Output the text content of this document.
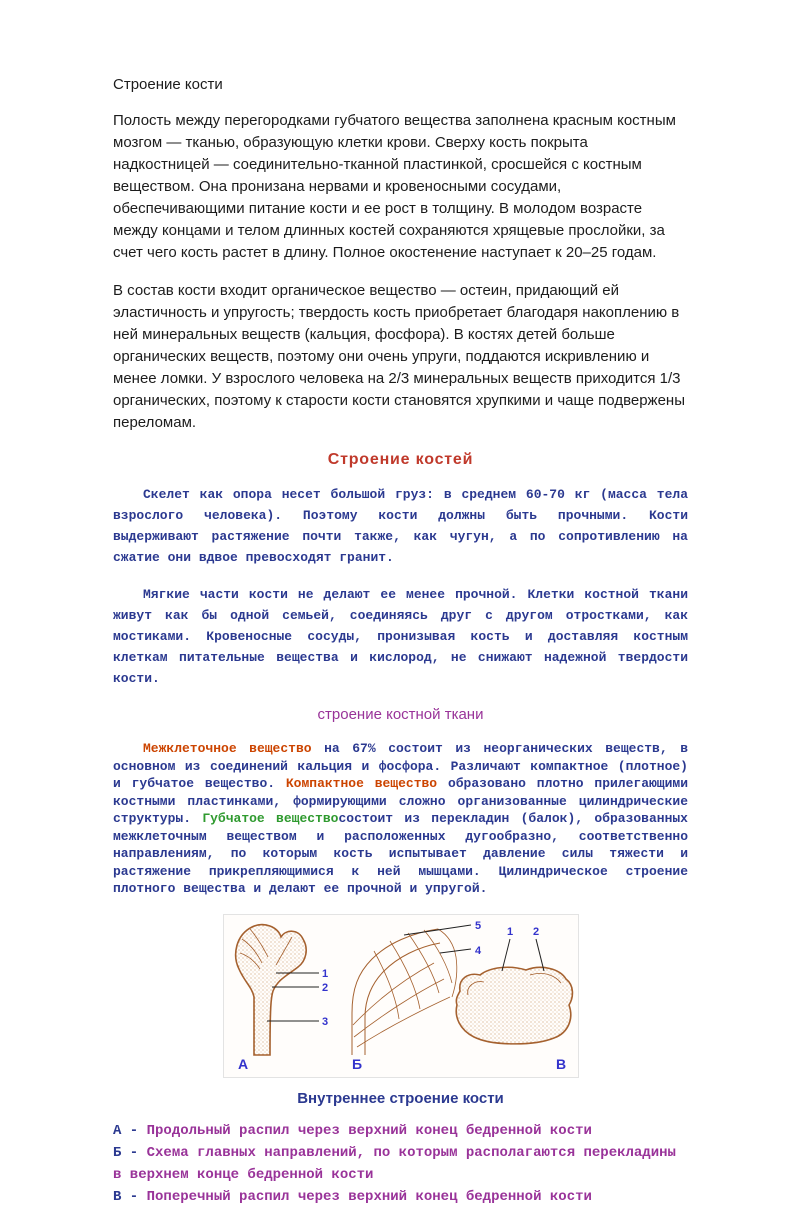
Строение кости

Полость между перегородками губчатого вещества заполнена красным костным мозгом — тканью, образующую клетки крови. Сверху кость покрыта надкостницей — соединительно-тканной пластинкой, сросшейся с костным веществом. Она пронизана нервами и кровеносными сосудами, обеспечивающими питание кости и ее рост в толщину. В молодом возрасте между концами и телом длинных костей сохраняются хрящевые прослойки, за счет чего кость растет в длину. Полное окостенение наступает к 20–25 годам.

В состав кости входит органическое вещество — остеин, придающий ей эластичность и упругость; твердость кость приобретает благодаря накоплению в ней минеральных веществ (кальция, фосфора). В костях детей больше органических веществ, поэтому они очень упруги, поддаются искривлению и менее ломки. У взрослого человека на 2/3 минеральных веществ приходится 1/3 органических, поэтому к старости кости становятся хрупкими и чаще подвержены переломам.

Строение костей

Скелет как опора несет большой груз: в среднем 60-70 кг (масса тела взрослого человека). Поэтому кости должны быть прочными. Кости выдерживают растяжение почти также, как чугун, а по сопротивлению на сжатие они вдвое превосходят гранит.

Мягкие части кости не делают ее менее прочной. Клетки костной ткани живут как бы одной семьей, соединяясь друг с другом отростками, как мостиками. Кровеносные сосуды, пронизывая кость и доставляя костным клеткам питательные вещества и кислород, не снижают надежной твердости кости.

строение костной ткани

Межклеточное вещество на 67% состоит из неорганических веществ, в основном из соединений кальция и фосфора. Различают компактное (плотное) и губчатое вещество. Компактное вещество образовано плотно прилегающими костными пластинками, формирующими сложно организованные цилиндрические структуры. Губчатое веществосостоит из перекладин (балок), образованных межклеточным веществом и расположенных дугообразно, соответственно направлениям, по которым кость испытывает давление силы тяжести и растяжение прикрепляющимися к ней мышцами. Цилиндрическое строение плотного вещества и делают ее прочной и упругой.

1
2
3
А
5
4
Б
1 2
В

Внутреннее строение кости

А - Продольный распил через верхний конец бедренной кости

Б - Схема главных направлений, по которым располагаются перекладины в верхнем конце бедренной кости

В - Поперечный распил через верхний конец бедренной кости
